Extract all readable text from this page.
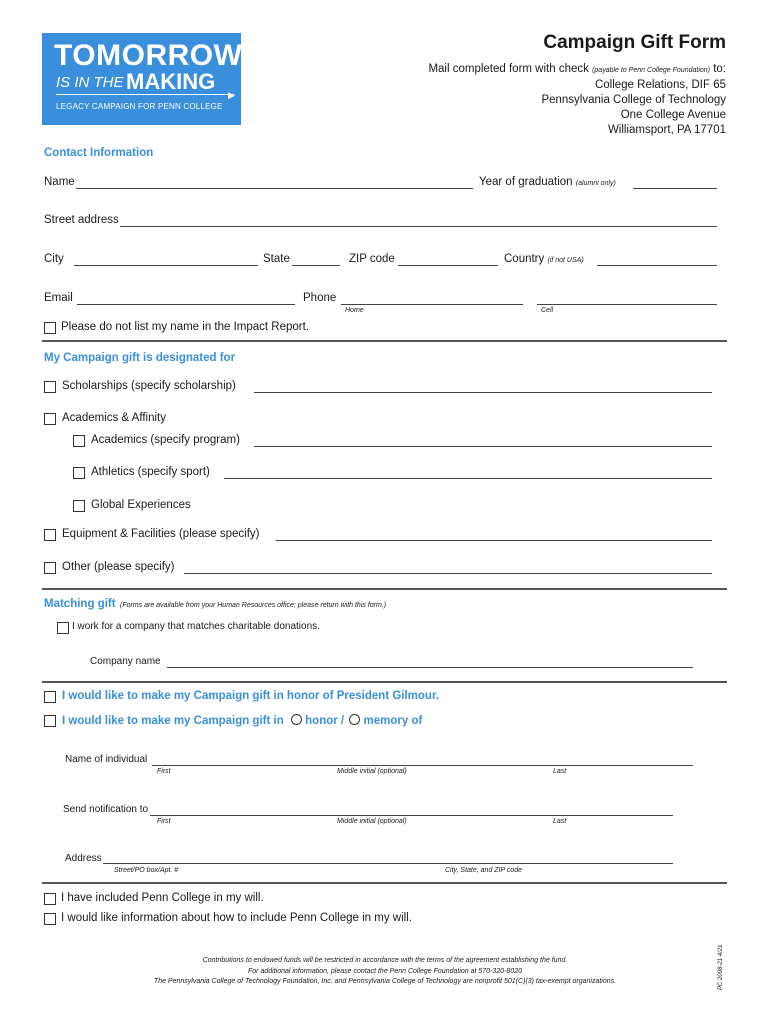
TOMORROW
IS IN THE MAKING
▶
LEGACY CAMPAIGN FOR PENN COLLEGE
Campaign Gift Form
Mail completed form with check (payable to Penn College Foundation) to:
College Relations, DIF 65
Pennsylvania College of Technology
One College Avenue
Williamsport, PA 17701
Contact Information
Name	Year of graduation (alumni only)
Street address
City	State	ZIP code	Country (if not USA)
Email	Phone
Home	Cell
Please do not list my name in the Impact Report.
My Campaign gift is designated for
Scholarships (specify scholarship)
Academics & Affinity
Academics (specify program)
Athletics (specify sport)
Global Experiences
Equipment & Facilities (please specify)
Other (please specify)
Matching gift (Forms are available from your Human Resources office; please return with this form.)
I work for a company that matches charitable donations.
Company name
I would like to make my Campaign gift in honor of President Gilmour.
I would like to make my Campaign gift in honor / memory of
Name of individual
First	Middle initial (optional)	Last
Send notification to
First	Middle initial (optional)	Last
Address
Street/PO box/Apt. #	City, State, and ZIP code
I have included Penn College in my will.
I would like information about how to include Penn College in my will.
Contributions to endowed funds will be restricted in accordance with the terms of the agreement establishing the fund.
For additional information, please contact the Penn College Foundation at 570-320-8020
The Pennsylvania College of Technology Foundation, Inc. and Pennsylvania College of Technology are nonprofit 501(C)(3) tax-exempt organizations.	PC 2098-21 4/21
